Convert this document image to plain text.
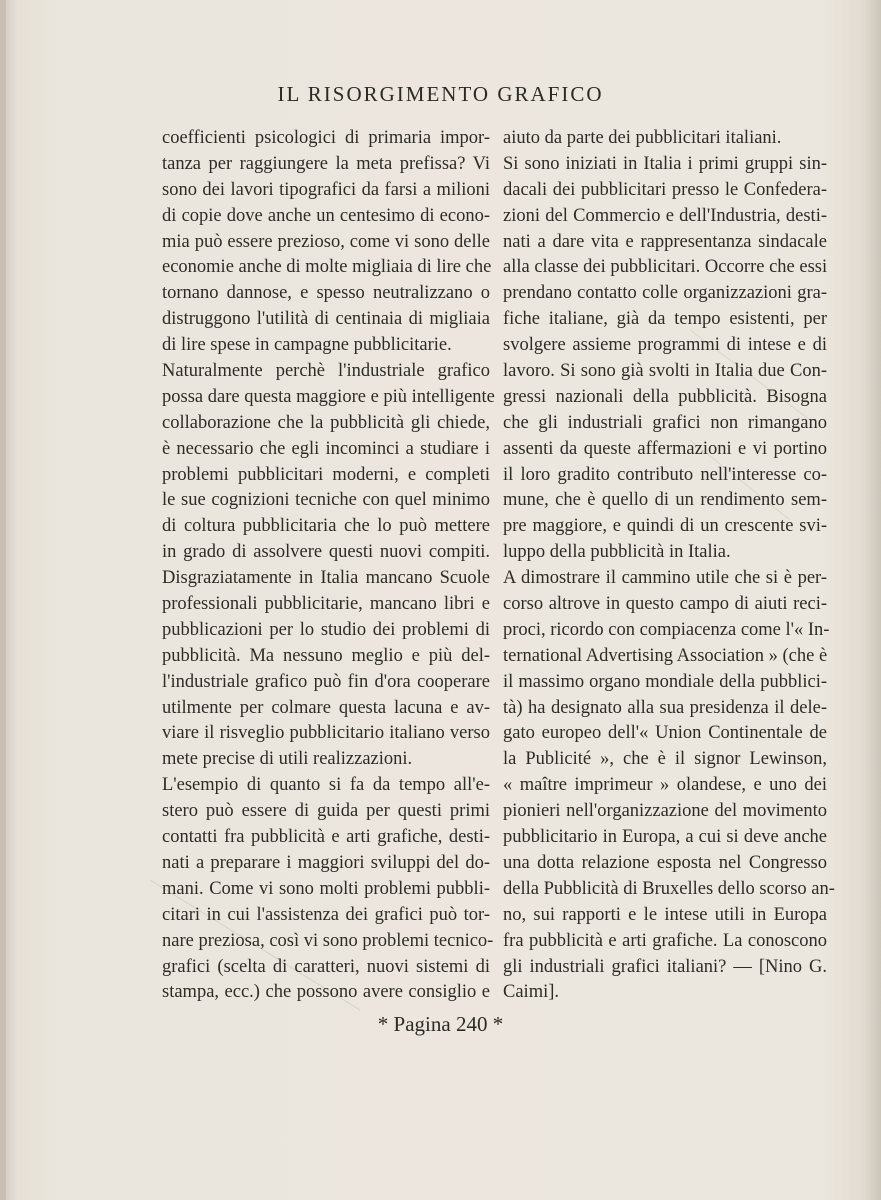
IL RISORGIMENTO GRAFICO
coefficienti psicologici di primaria impor-
tanza per raggiungere la meta prefissa? Vi
sono dei lavori tipografici da farsi a milioni
di copie dove anche un centesimo di econo-
mia può essere prezioso, come vi sono delle
economie anche di molte migliaia di lire che
tornano dannose, e spesso neutralizzano o
distruggono l'utilità di centinaia di migliaia
di lire spese in campagne pubblicitarie.
Naturalmente perchè l'industriale grafico
possa dare questa maggiore e più intelligente
collaborazione che la pubblicità gli chiede,
è necessario che egli incominci a studiare i
problemi pubblicitari moderni, e completi
le sue cognizioni tecniche con quel minimo
di coltura pubblicitaria che lo può mettere
in grado di assolvere questi nuovi compiti.
Disgraziatamente in Italia mancano Scuole
professionali pubblicitarie, mancano libri e
pubblicazioni per lo studio dei problemi di
pubblicità. Ma nessuno meglio e più del-
l'industriale grafico può fin d'ora cooperare
utilmente per colmare questa lacuna e av-
viare il risveglio pubblicitario italiano verso
mete precise di utili realizzazioni.
L'esempio di quanto si fa da tempo all'e-
stero può essere di guida per questi primi
contatti fra pubblicità e arti grafiche, desti-
nati a preparare i maggiori sviluppi del do-
mani. Come vi sono molti problemi pubbli-
citari in cui l'assistenza dei grafici può tor-
nare preziosa, così vi sono problemi tecnico-
grafici (scelta di caratteri, nuovi sistemi di
stampa, ecc.) che possono avere consiglio e
aiuto da parte dei pubblicitari italiani.
Si sono iniziati in Italia i primi gruppi sin-
dacali dei pubblicitari presso le Confedera-
zioni del Commercio e dell'Industria, desti-
nati a dare vita e rappresentanza sindacale
alla classe dei pubblicitari. Occorre che essi
prendano contatto colle organizzazioni gra-
fiche italiane, già da tempo esistenti, per
svolgere assieme programmi di intese e di
lavoro. Si sono già svolti in Italia due Con-
gressi nazionali della pubblicità. Bisogna
che gli industriali grafici non rimangano
assenti da queste affermazioni e vi portino
il loro gradito contributo nell'interesse co-
mune, che è quello di un rendimento sem-
pre maggiore, e quindi di un crescente svi-
luppo della pubblicità in Italia.
A dimostrare il cammino utile che si è per-
corso altrove in questo campo di aiuti reci-
proci, ricordo con compiacenza come l'« In-
ternational Advertising Association » (che è
il massimo organo mondiale della pubblici-
tà) ha designato alla sua presidenza il dele-
gato europeo dell'« Union Continentale de
la Publicité », che è il signor Lewinson,
« maître imprimeur » olandese, e uno dei
pionieri nell'organizzazione del movimento
pubblicitario in Europa, a cui si deve anche
una dotta relazione esposta nel Congresso
della Pubblicità di Bruxelles dello scorso an-
no, sui rapporti e le intese utili in Europa
fra pubblicità e arti grafiche. La conoscono
gli industriali grafici italiani? — [Nino G.
Caimi].
* Pagina 240 *
